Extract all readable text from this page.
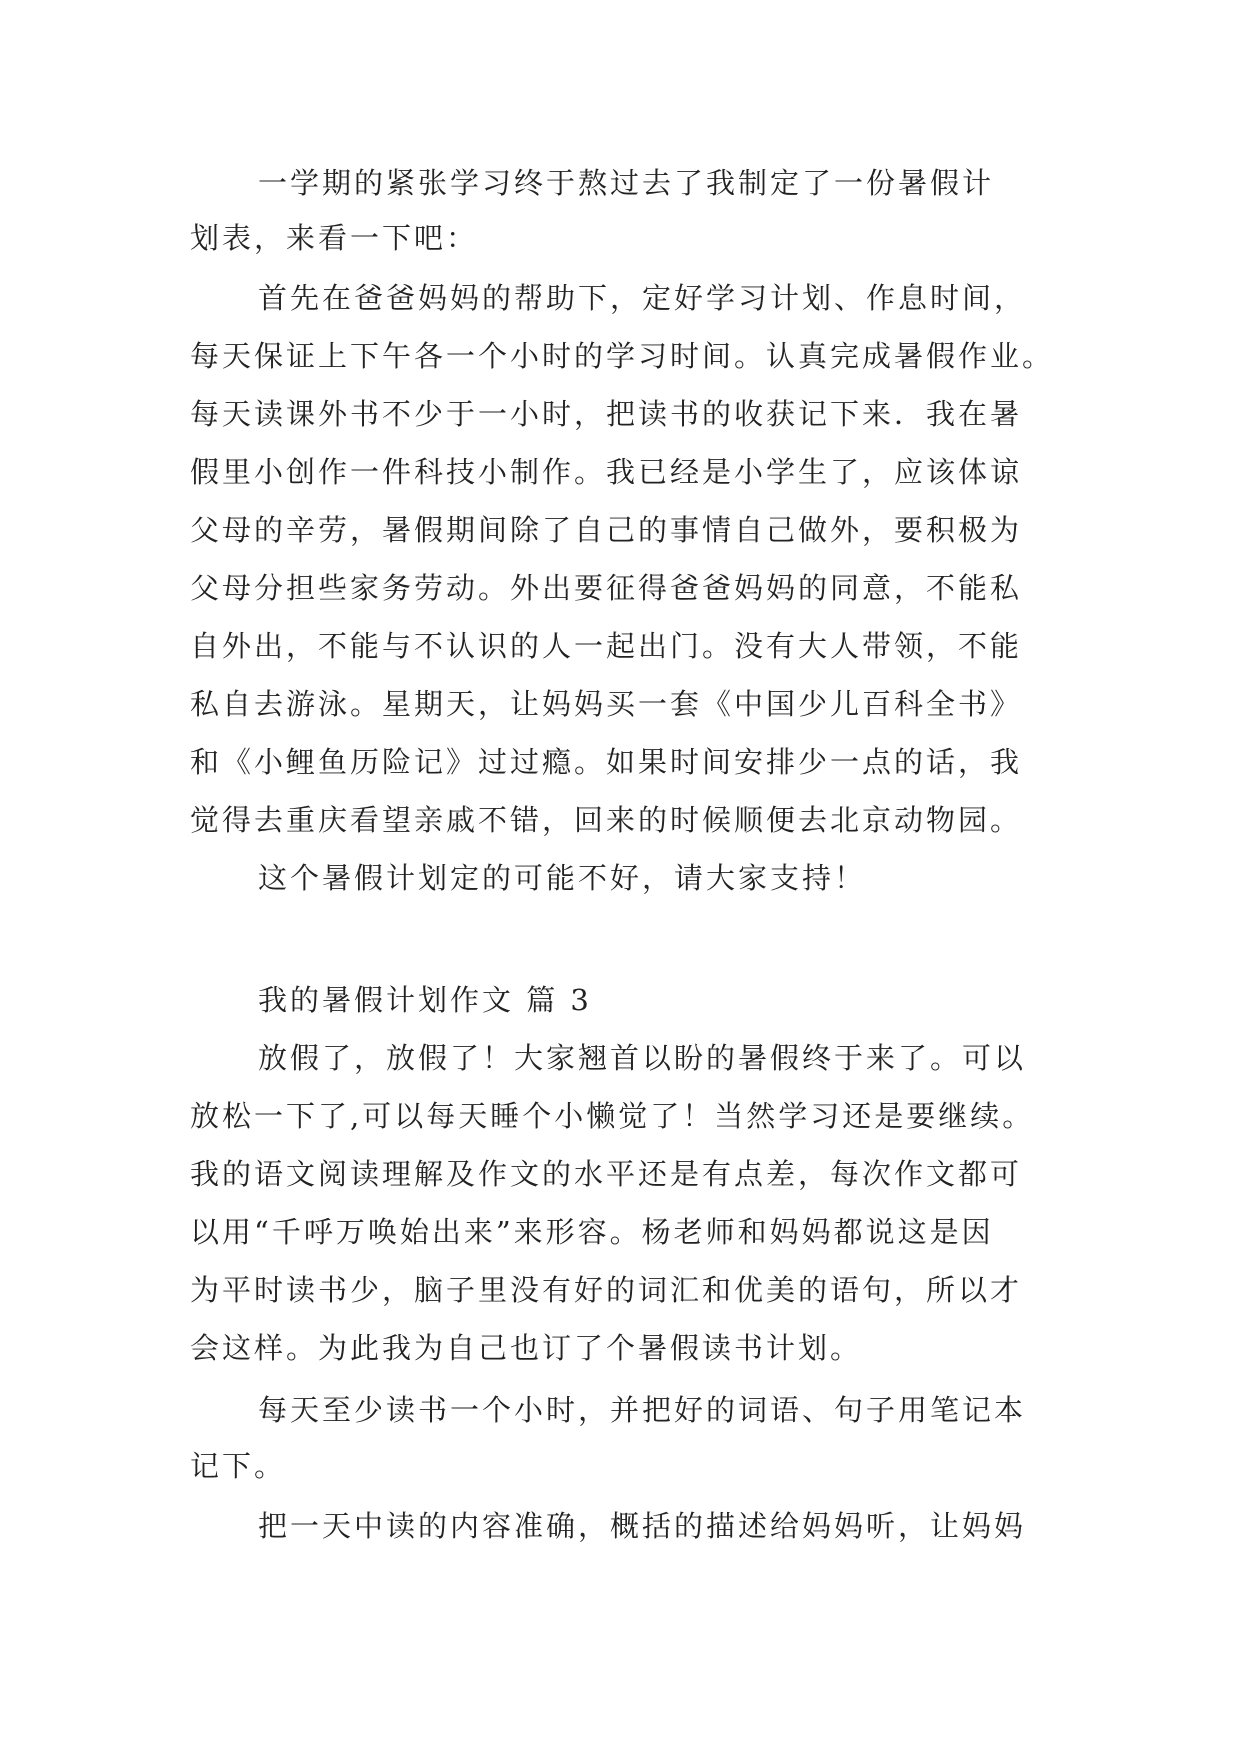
一学期的紧张学习终于熬过去了我制定了一份暑假计
划表，来看一下吧：
首先在爸爸妈妈的帮助下，定好学习计划、作息时间，
每天保证上下午各一个小时的学习时间。认真完成暑假作业。
每天读课外书不少于一小时，把读书的收获记下来．我在暑
假里小创作一件科技小制作。我已经是小学生了，应该体谅
父母的辛劳，暑假期间除了自己的事情自己做外，要积极为
父母分担些家务劳动。外出要征得爸爸妈妈的同意，不能私
自外出，不能与不认识的人一起出门。没有大人带领，不能
私自去游泳。星期天，让妈妈买一套《中国少儿百科全书》
和《小鲤鱼历险记》过过瘾。如果时间安排少一点的话，我
觉得去重庆看望亲戚不错，回来的时候顺便去北京动物园。
这个暑假计划定的可能不好，请大家支持！
我的暑假计划作文 篇 3
放假了，放假了！大家翘首以盼的暑假终于来了。可以
放松一下了,可以每天睡个小懒觉了！当然学习还是要继续。
我的语文阅读理解及作文的水平还是有点差，每次作文都可
以用“千呼万唤始出来”来形容。杨老师和妈妈都说这是因
为平时读书少，脑子里没有好的词汇和优美的语句，所以才
会这样。为此我为自己也订了个暑假读书计划。
每天至少读书一个小时，并把好的词语、句子用笔记本
记下。
把一天中读的内容准确，概括的描述给妈妈听，让妈妈
